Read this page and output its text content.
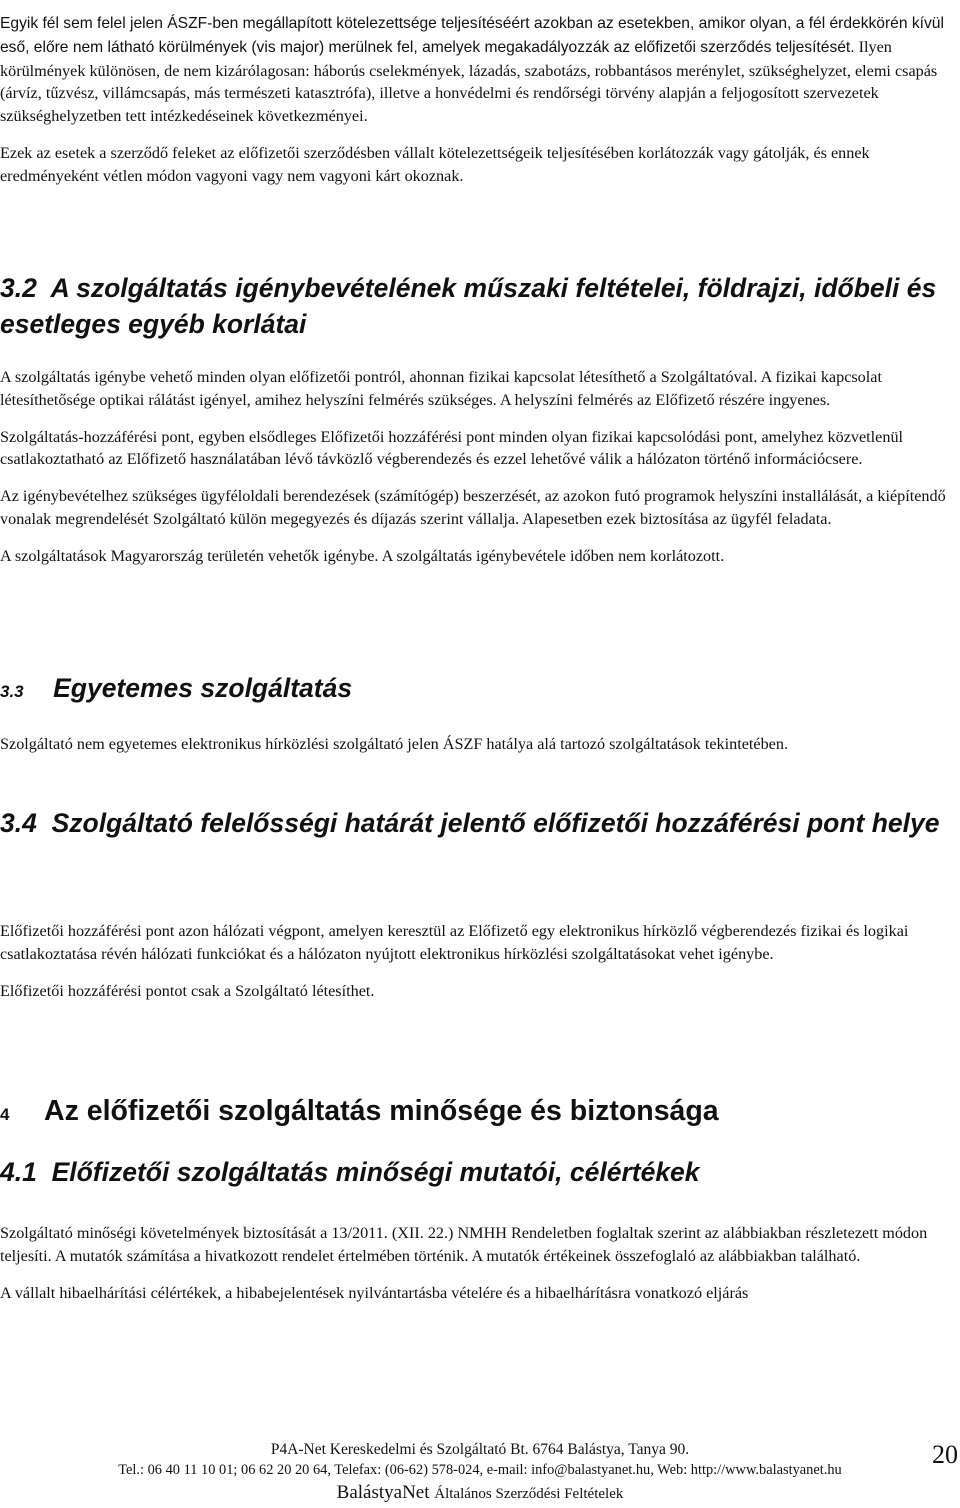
Egyik fél sem felel jelen ÁSZF-ben megállapított kötelezettsége teljesítéséért azokban az esetekben, amikor olyan, a fél érdekkörén kívül eső, előre nem látható körülmények (vis major) merülnek fel, amelyek megakadályozzák az előfizetői szerződés teljesítését. Ilyen körülmények különösen, de nem kizárólagosan: háborús cselekmények, lázadás, szabotázs, robbantásos merénylet, szükséghelyzet, elemi csapás (árvíz, tűzvész, villámcsapás, más természeti katasztrófa), illetve a honvédelmi és rendőrségi törvény alapján a feljogosított szervezetek szükséghelyzetben tett intézkedéseinek következményei.

Ezek az esetek a szerződő feleket az előfizetői szerződésben vállalt kötelezettségeik teljesítésében korlátozzák vagy gátolják, és ennek eredményeként vétlen módon vagyoni vagy nem vagyoni kárt okoznak.

3.2 A szolgáltatás igénybevételének műszaki feltételei, földrajzi, időbeli és esetleges egyéb korlátai

A szolgáltatás igénybe vehető minden olyan előfizetői pontról, ahonnan fizikai kapcsolat létesíthető a Szolgáltatóval. A fizikai kapcsolat létesíthetősége optikai rálátást igényel, amihez helyszíni felmérés szükséges. A helyszíni felmérés az Előfizető részére ingyenes.

Szolgáltatás-hozzáférési pont, egyben elsődleges Előfizetői hozzáférési pont minden olyan fizikai kapcsolódási pont, amelyhez közvetlenül csatlakoztatható az Előfizető használatában lévő távközlő végberendezés és ezzel lehetővé válik a hálózaton történő információcsere.

Az igénybevételhez szükséges ügyféloldali berendezések (számítógép) beszerzését, az azokon futó programok helyszíni installálását, a kiépítendő vonalak megrendelését Szolgáltató külön megegyezés és díjazás szerint vállalja. Alapesetben ezek biztosítása az ügyfél feladata.

A szolgáltatások Magyarország területén vehetők igénybe. A szolgáltatás igénybevétele időben nem korlátozott.

3.3 Egyetemes szolgáltatás

Szolgáltató nem egyetemes elektronikus hírközlési szolgáltató jelen ÁSZF hatálya alá tartozó szolgáltatások tekintetében.

3.4 Szolgáltató felelősségi határát jelentő előfizetői hozzáférési pont helye

Előfizetői hozzáférési pont azon hálózati végpont, amelyen keresztül az Előfizető egy elektronikus hírközlő végberendezés fizikai és logikai csatlakoztatása révén hálózati funkciókat és a hálózaton nyújtott elektronikus hírközlési szolgáltatásokat vehet igénybe.

Előfizetői hozzáférési pontot csak a Szolgáltató létesíthet.

4 Az előfizetői szolgáltatás minősége és biztonsága
4.1 Előfizetői szolgáltatás minőségi mutatói, célértékek

Szolgáltató minőségi követelmények biztosítását a 13/2011. (XII. 22.) NMHH Rendeletben foglaltak szerint az alábbiakban részletezett módon teljesíti. A mutatók számítása a hivatkozott rendelet értelmében történik. A mutatók értékeinek összefoglaló az alábbiakban található.

A vállalt hibaelhárítási célértékek, a hibabejelentések nyilvántartásba vételére és a hibaelhárításra vonatkozó eljárás

P4A-Net Kereskedelmi és Szolgáltató Bt. 6764 Balástya, Tanya 90.
Tel.: 06 40 11 10 01; 06 62 20 20 64, Telefax: (06-62) 578-024, e-mail: info@balastyanet.hu, Web: http://www.balastyanet.hu
BalástyaNet Általános Szerződési Feltételek
20
